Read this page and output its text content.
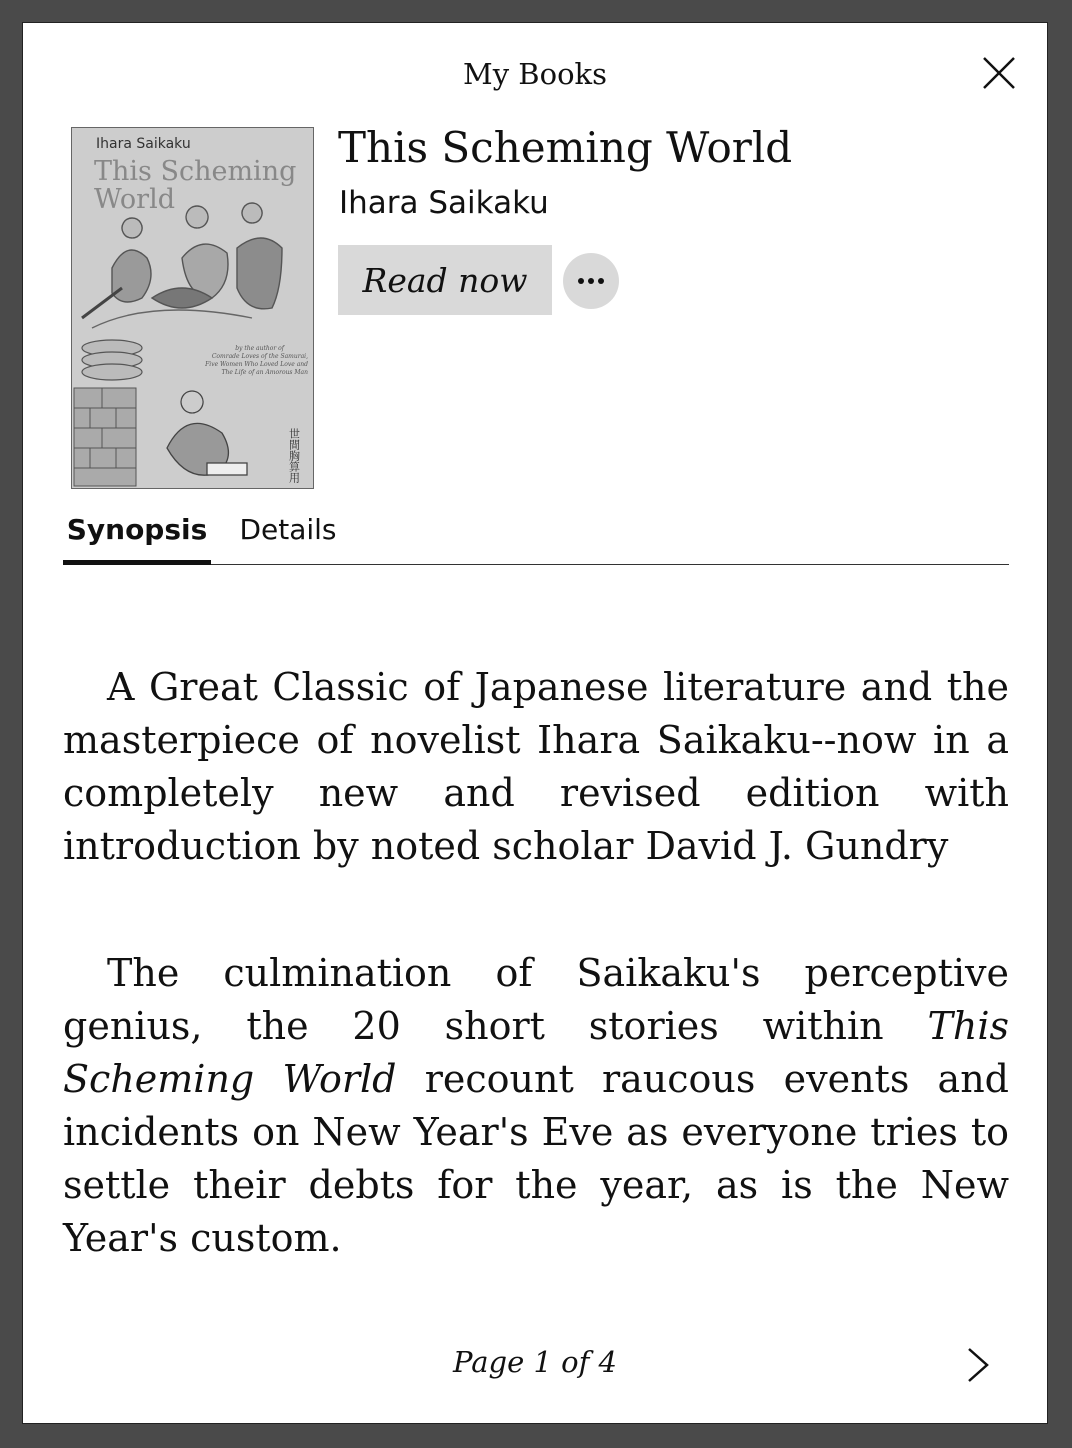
My Books
Ihara Saikaku
This Scheming
World
by the author of
Comrade Loves of the Samurai,
Five Women Who Loved Love and
The Life of an Amorous Man
世間胸算用
This Scheming World
Ihara Saikaku
Read now
Synopsis	Details

A Great Classic of Japanese literature and the masterpiece of novelist Ihara Saikaku--now in a completely new and revised edition with introduction by noted scholar David J. Gundry

The culmination of Saikaku's perceptive genius, the 20 short stories within This Scheming World recount raucous events and incidents on New Year's Eve as everyone tries to settle their debts for the year, as is the New Year's custom.

Page 1 of 4
